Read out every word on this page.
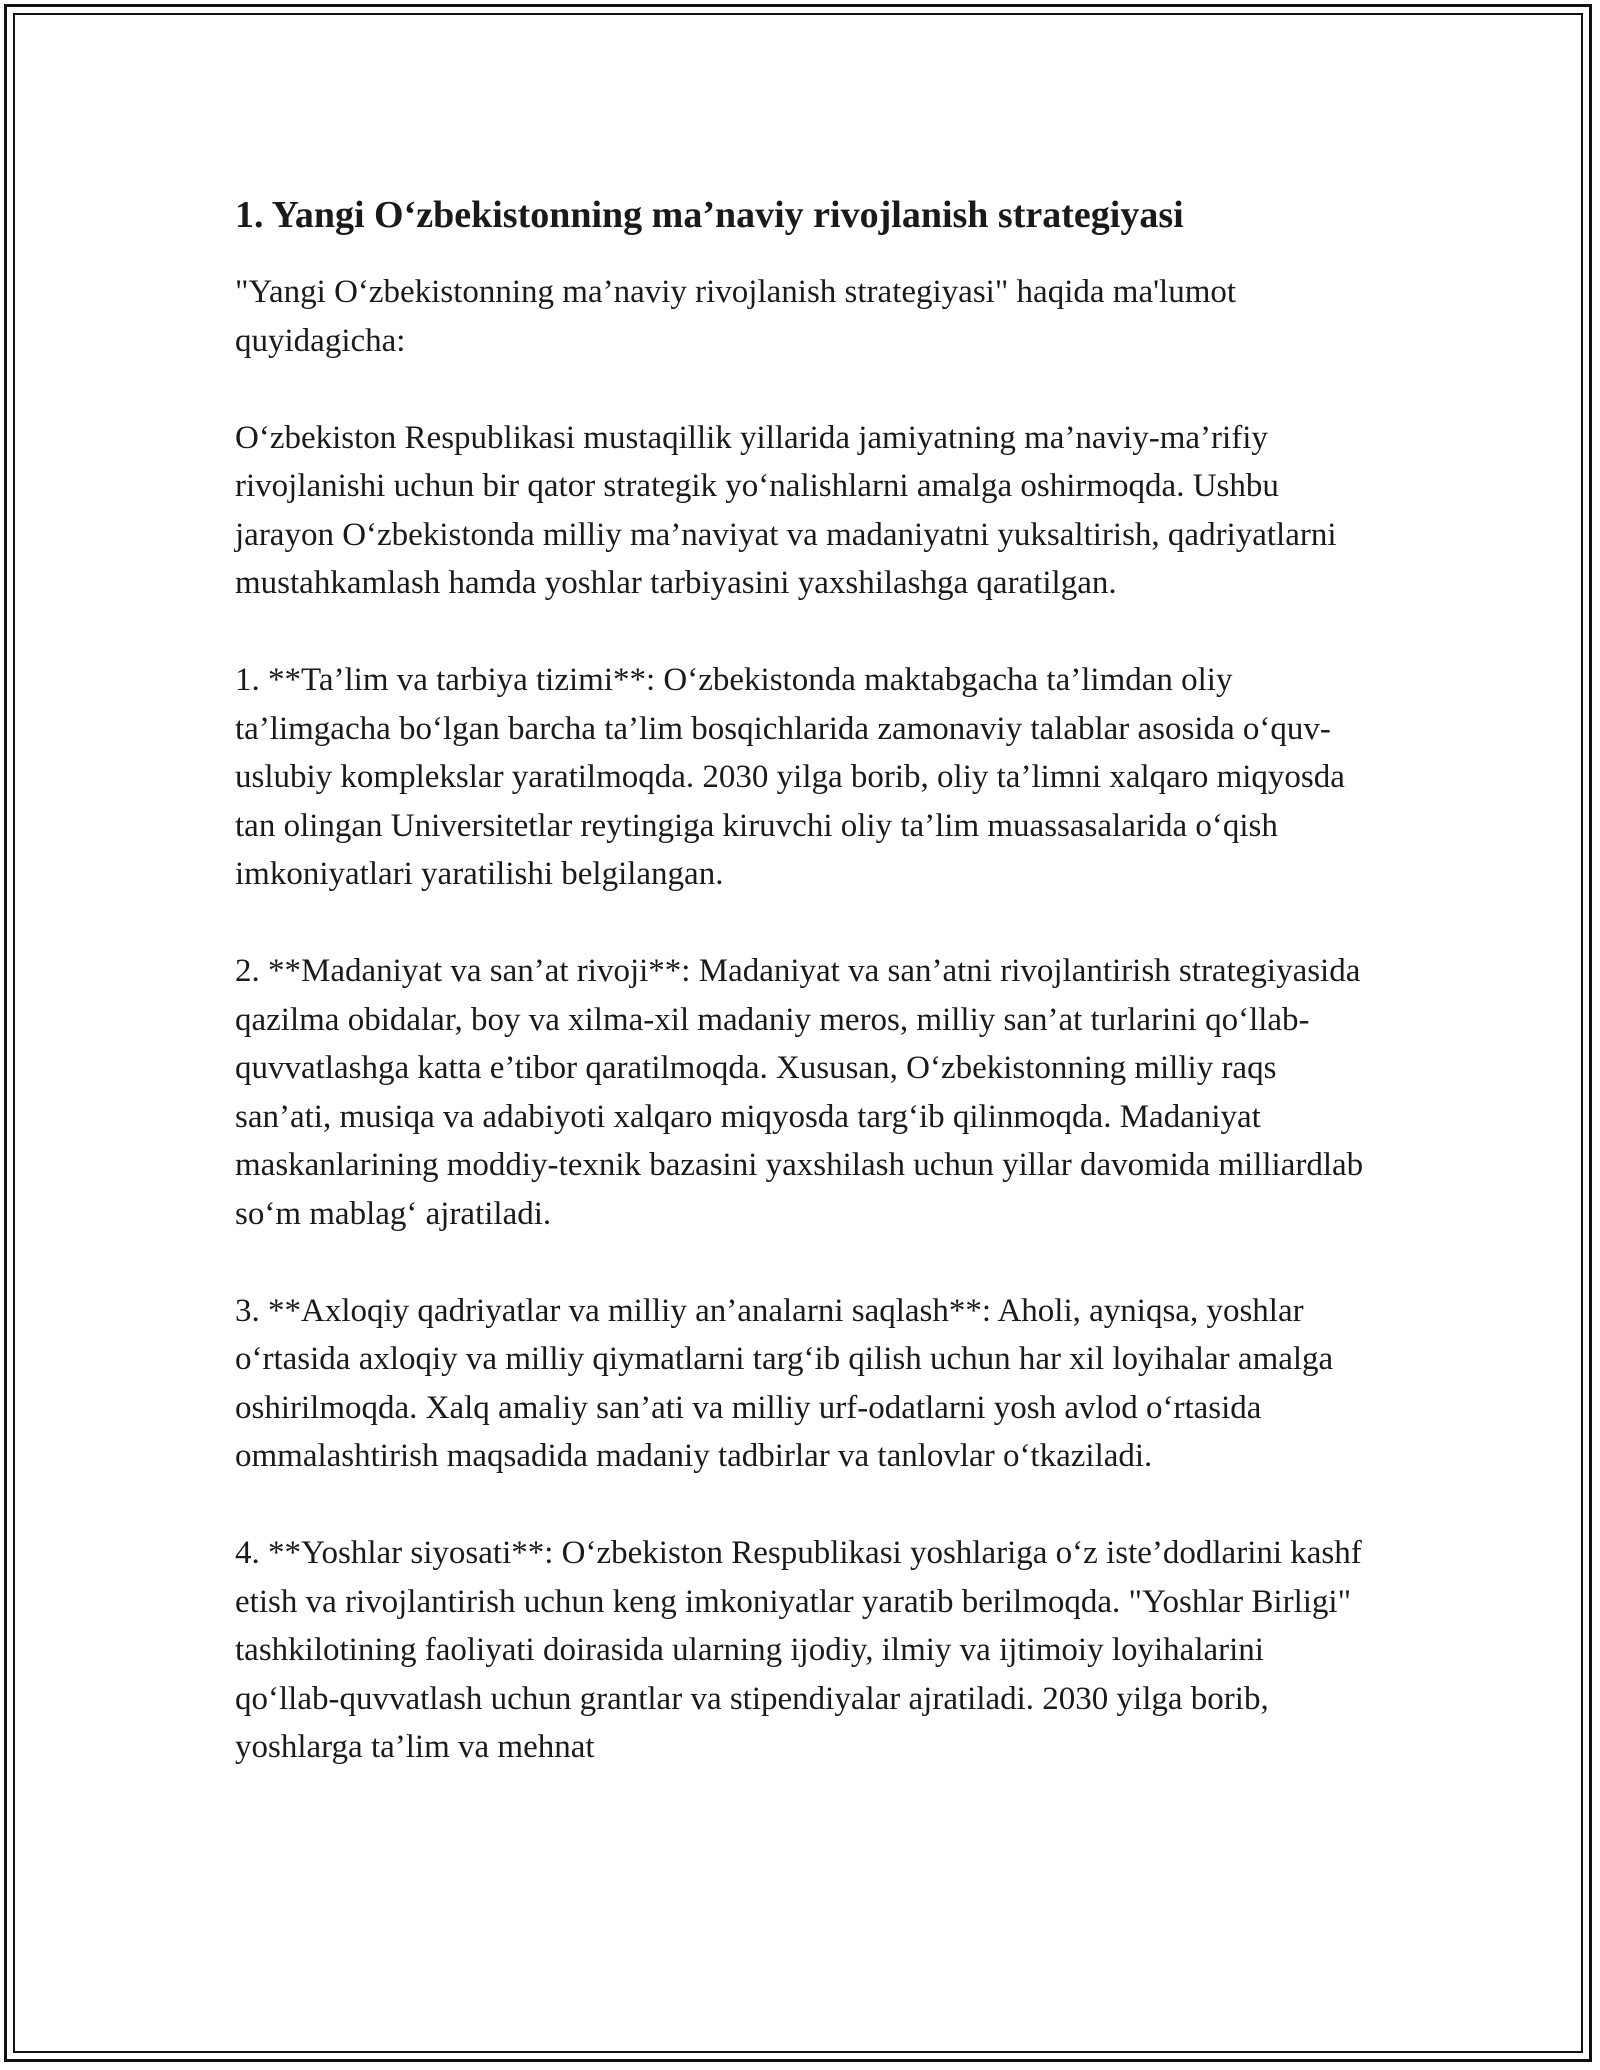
1. Yangi O‘zbekistonning ma’naviy rivojlanish strategiyasi

"Yangi O‘zbekistonning ma’naviy rivojlanish strategiyasi" haqida ma'lumot quyidagicha:

O‘zbekiston Respublikasi mustaqillik yillarida jamiyatning ma’naviy-ma’rifiy rivojlanishi uchun bir qator strategik yo‘nalishlarni amalga oshirmoqda. Ushbu jarayon O‘zbekistonda milliy ma’naviyat va madaniyatni yuksaltirish, qadriyatlarni mustahkamlash hamda yoshlar tarbiyasini yaxshilashga qaratilgan.

1. **Ta’lim va tarbiya tizimi**: O‘zbekistonda maktabgacha ta’limdan oliy ta’limgacha bo‘lgan barcha ta’lim bosqichlarida zamonaviy talablar asosida o‘quv-uslubiy komplekslar yaratilmoqda. 2030 yilga borib, oliy ta’limni xalqaro miqyosda tan olingan Universitetlar reytingiga kiruvchi oliy ta’lim muassasalarida o‘qish imkoniyatlari yaratilishi belgilangan.

2. **Madaniyat va san’at rivoji**: Madaniyat va san’atni rivojlantirish strategiyasida qazilma obidalar, boy va xilma-xil madaniy meros, milliy san’at turlarini qo‘llab-quvvatlashga katta e’tibor qaratilmoqda. Xususan, O‘zbekistonning milliy raqs san’ati, musiqa va adabiyoti xalqaro miqyosda targ‘ib qilinmoqda. Madaniyat maskanlarining moddiy-texnik bazasini yaxshilash uchun yillar davomida milliardlab so‘m mablag‘ ajratiladi.

3. **Axloqiy qadriyatlar va milliy an’analarni saqlash**: Aholi, ayniqsa, yoshlar o‘rtasida axloqiy va milliy qiymatlarni targ‘ib qilish uchun har xil loyihalar amalga oshirilmoqda. Xalq amaliy san’ati va milliy urf-odatlarni yosh avlod o‘rtasida ommalashtirish maqsadida madaniy tadbirlar va tanlovlar o‘tkaziladi.

4. **Yoshlar siyosati**: O‘zbekiston Respublikasi yoshlariga o‘z iste’dodlarini kashf etish va rivojlantirish uchun keng imkoniyatlar yaratib berilmoqda. "Yoshlar Birligi" tashkilotining faoliyati doirasida ularning ijodiy, ilmiy va ijtimoiy loyihalarini qo‘llab-quvvatlash uchun grantlar va stipendiyalar ajratiladi. 2030 yilga borib, yoshlarga ta’lim va mehnat
